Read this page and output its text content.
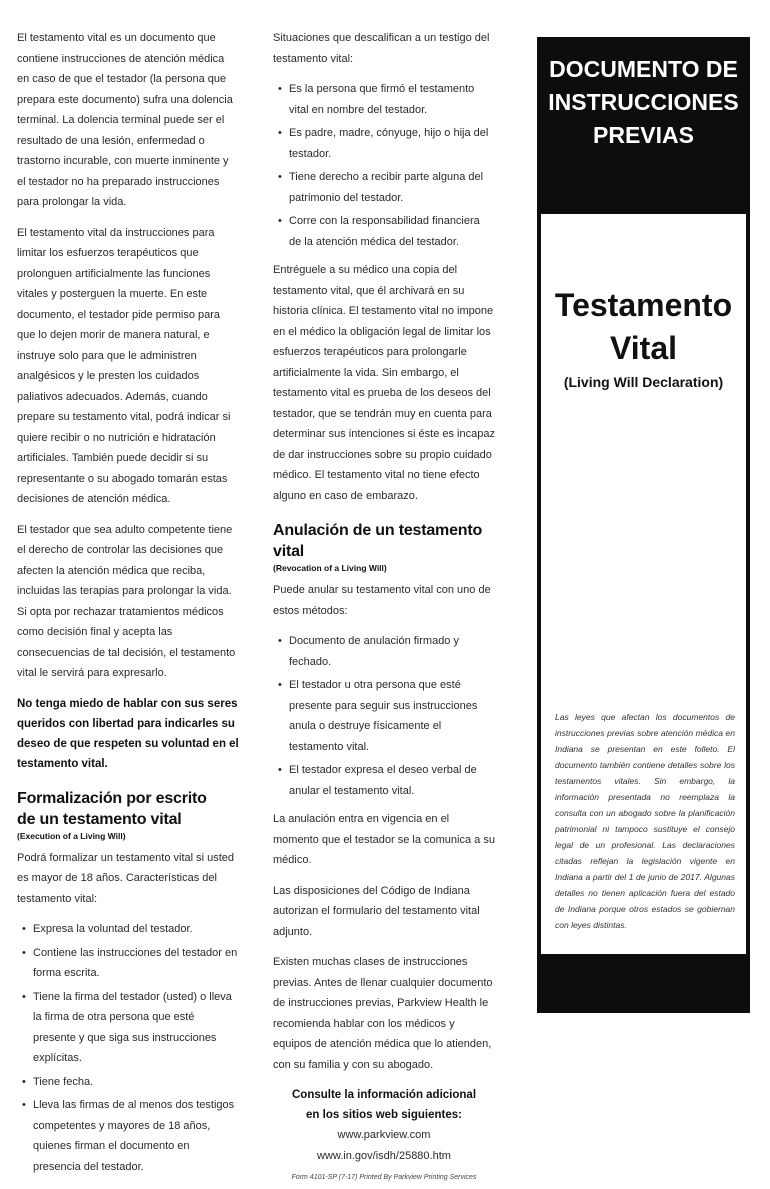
El testamento vital es un documento que contiene instrucciones de atención médica en caso de que el testador (la persona que prepara este documento) sufra una dolencia terminal. La dolencia terminal puede ser el resultado de una lesión, enfermedad o trastorno incurable, con muerte inminente y el testador no ha preparado instrucciones para prolongar la vida.

El testamento vital da instrucciones para limitar los esfuerzos terapéuticos que prolonguen artificialmente las funciones vitales y posterguen la muerte. En este documento, el testador pide permiso para que lo dejen morir de manera natural, e instruye solo para que le administren analgésicos y le presten los cuidados paliativos adecuados. Además, cuando prepare su testamento vital, podrá indicar si quiere recibir o no nutrición e hidratación artificiales. También puede decidir si su representante o su abogado tomarán estas decisiones de atención médica.

El testador que sea adulto competente tiene el derecho de controlar las decisiones que afecten la atención médica que reciba, incluidas las terapias para prolongar la vida. Si opta por rechazar tratamientos médicos como decisión final y acepta las consecuencias de tal decisión, el testamento vital le servirá para expresarlo.

No tenga miedo de hablar con sus seres queridos con libertad para indicarles su deseo de que respeten su voluntad en el testamento vital.

Formalización por escrito
de un testamento vital
(Execution of a Living Will)

Podrá formalizar un testamento vital si usted es mayor de 18 años. Características del testamento vital:

• Expresa la voluntad del testador.
• Contiene las instrucciones del testador en forma escrita.
• Tiene la firma del testador (usted) o lleva la firma de otra persona que esté presente y que siga sus instrucciones explícitas.
• Tiene fecha.
• Lleva las firmas de al menos dos testigos competentes y mayores de 18 años, quienes firman el documento en presencia del testador.

Situaciones que descalifican a un testigo del testamento vital:

• Es la persona que firmó el testamento vital en nombre del testador.
• Es padre, madre, cónyuge, hijo o hija del testador.
• Tiene derecho a recibir parte alguna del patrimonio del testador.
• Corre con la responsabilidad financiera de la atención médica del testador.

Entréguele a su médico una copia del testamento vital, que él archivará en su historia clínica. El testamento vital no impone en el médico la obligación legal de limitar los esfuerzos terapéuticos para prolongarle artificialmente la vida. Sin embargo, el testamento vital es prueba de los deseos del testador, que se tendrán muy en cuenta para determinar sus intenciones si éste es incapaz de dar instrucciones sobre su propio cuidado médico. El testamento vital no tiene efecto alguno en caso de embarazo.

Anulación de un testamento vital
(Revocation of a Living Will)

Puede anular su testamento vital con uno de estos métodos:

• Documento de anulación firmado y fechado.
• El testador u otra persona que esté presente para seguir sus instrucciones anula o destruye físicamente el testamento vital.
• El testador expresa el deseo verbal de anular el testamento vital.

La anulación entra en vigencia en el momento que el testador se la comunica a su médico.

Las disposiciones del Código de Indiana autorizan el formulario del testamento vital adjunto.

Existen muchas clases de instrucciones previas. Antes de llenar cualquier documento de instrucciones previas, Parkview Health le recomienda hablar con los médicos y equipos de atención médica que lo atienden, con su familia y con su abogado.

Consulte la información adicional
en los sitios web siguientes:
www.parkview.com
www.in.gov/isdh/25880.htm
Form 4101-SP (7-17) Printed By Parkview Printing Services
DOCUMENTO DE
INSTRUCCIONES
PREVIAS
Testamento
Vital
(Living Will Declaration)
Las leyes que afectan los documentos de instrucciones previas sobre atención médica en Indiana se presentan en este folleto. El documento también contiene detalles sobre los testamentos vitales. Sin embargo, la información presentada no reemplaza la consulta con un abogado sobre la planificación patrimonial ni tampoco sustituye el consejo legal de un profesional. Las declaraciones citadas reflejan la legislación vigente en Indiana a partir del 1 de junio de 2017. Algunas detalles no tienen aplicación fuera del estado de Indiana porque otros estados se gobiernan con leyes distintas.
